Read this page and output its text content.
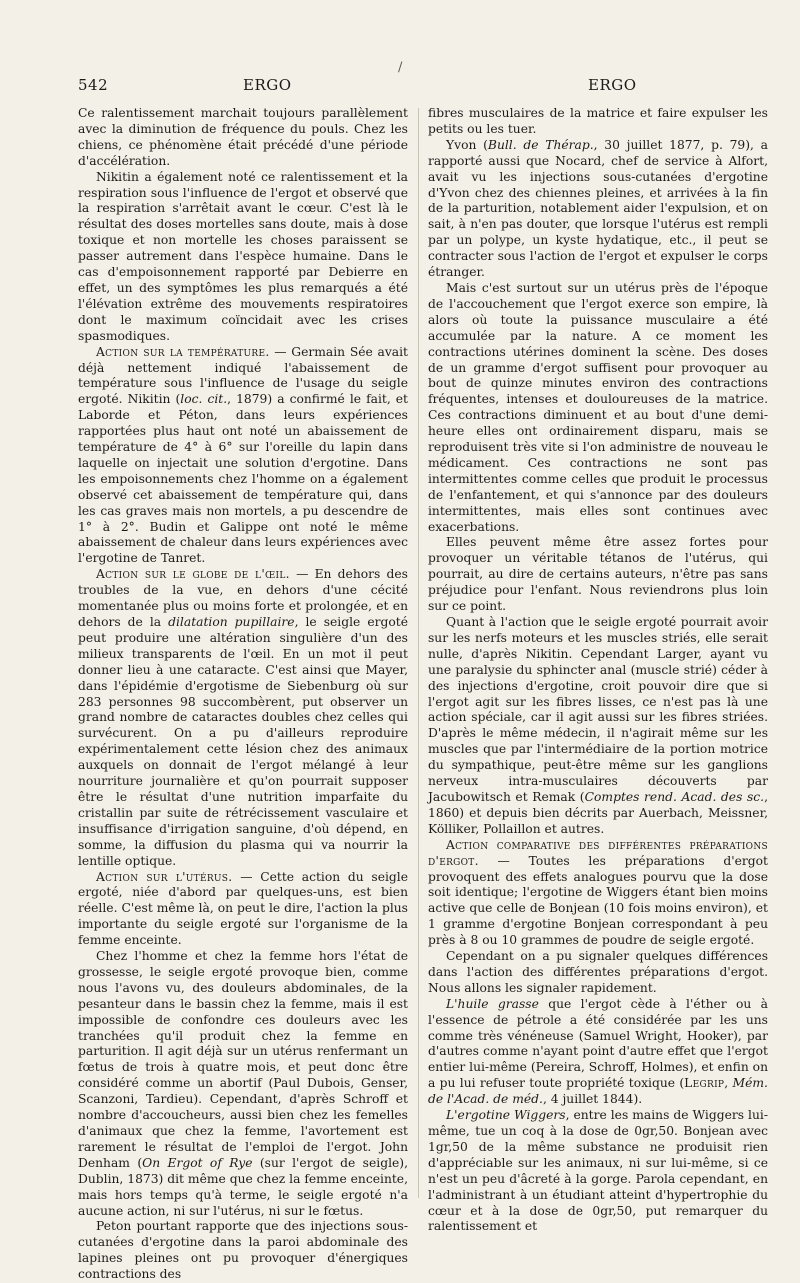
/
542	ERGO	ERGO

Ce ralentissement marchait toujours parallèlement avec la diminution de fréquence du pouls. Chez les chiens, ce phénomène était précédé d'une période d'accélération.

Nikitin a également noté ce ralentissement et la respiration sous l'influence de l'ergot et observé que la respiration s'arrêtait avant le cœur. C'est là le résultat des doses mortelles sans doute, mais à dose toxique et non mortelle les choses paraissent se passer autrement dans l'espèce humaine. Dans le cas d'empoisonnement rapporté par Debierre en effet, un des symptômes les plus remarqués a été l'élévation extrême des mouvements respiratoires dont le maximum coïncidait avec les crises spasmodiques.

Action sur la température. — Germain Sée avait déjà nettement indiqué l'abaissement de température sous l'influence de l'usage du seigle ergoté. Nikitin (loc. cit., 1879) a confirmé le fait, et Laborde et Péton, dans leurs expériences rapportées plus haut ont noté un abaissement de température de 4° à 6° sur l'oreille du lapin dans laquelle on injectait une solution d'ergotine. Dans les empoisonnements chez l'homme on a également observé cet abaissement de température qui, dans les cas graves mais non mortels, a pu descendre de 1° à 2°. Budin et Galippe ont noté le même abaissement de chaleur dans leurs expériences avec l'ergotine de Tanret.

Action sur le globe de l'œil. — En dehors des troubles de la vue, en dehors d'une cécité momentanée plus ou moins forte et prolongée, et en dehors de la dilatation pupillaire, le seigle ergoté peut produire une altération singulière d'un des milieux transparents de l'œil. En un mot il peut donner lieu à une cataracte. C'est ainsi que Mayer, dans l'épidémie d'ergotisme de Siebenburg où sur 283 personnes 98 succombèrent, put observer un grand nombre de cataractes doubles chez celles qui survécurent. On a pu d'ailleurs reproduire expérimentalement cette lésion chez des animaux auxquels on donnait de l'ergot mélangé à leur nourriture journalière et qu'on pourrait supposer être le résultat d'une nutrition imparfaite du cristallin par suite de rétrécissement vasculaire et insuffisance d'irrigation sanguine, d'où dépend, en somme, la diffusion du plasma qui va nourrir la lentille optique.

Action sur l'utérus. — Cette action du seigle ergoté, niée d'abord par quelques-uns, est bien réelle. C'est même là, on peut le dire, l'action la plus importante du seigle ergoté sur l'organisme de la femme enceinte.

Chez l'homme et chez la femme hors l'état de grossesse, le seigle ergoté provoque bien, comme nous l'avons vu, des douleurs abdominales, de la pesanteur dans le bassin chez la femme, mais il est impossible de confondre ces douleurs avec les tranchées qu'il produit chez la femme en parturition. Il agit déjà sur un utérus renfermant un fœtus de trois à quatre mois, et peut donc être considéré comme un abortif (Paul Dubois, Genser, Scanzoni, Tardieu). Cependant, d'après Schroff et nombre d'accoucheurs, aussi bien chez les femelles d'animaux que chez la femme, l'avortement est rarement le résultat de l'emploi de l'ergot. John Denham (On Ergot of Rye (sur l'ergot de seigle), Dublin, 1873) dit même que chez la femme enceinte, mais hors temps qu'à terme, le seigle ergoté n'a aucune action, ni sur l'utérus, ni sur le fœtus.

Peton pourtant rapporte que des injections sous-cutanées d'ergotine dans la paroi abdominale des lapines pleines ont pu provoquer d'énergiques contractions des

fibres musculaires de la matrice et faire expulser les petits ou les tuer.

Yvon (Bull. de Thérap., 30 juillet 1877, p. 79), a rapporté aussi que Nocard, chef de service à Alfort, avait vu les injections sous-cutanées d'ergotine d'Yvon chez des chiennes pleines, et arrivées à la fin de la parturition, notablement aider l'expulsion, et on sait, à n'en pas douter, que lorsque l'utérus est rempli par un polype, un kyste hydatique, etc., il peut se contracter sous l'action de l'ergot et expulser le corps étranger.

Mais c'est surtout sur un utérus près de l'époque de l'accouchement que l'ergot exerce son empire, là alors où toute la puissance musculaire a été accumulée par la nature. A ce moment les contractions utérines dominent la scène. Des doses de un gramme d'ergot suffisent pour provoquer au bout de quinze minutes environ des contractions fréquentes, intenses et douloureuses de la matrice. Ces contractions diminuent et au bout d'une demi-heure elles ont ordinairement disparu, mais se reproduisent très vite si l'on administre de nouveau le médicament. Ces contractions ne sont pas intermittentes comme celles que produit le processus de l'enfantement, et qui s'annonce par des douleurs intermittentes, mais elles sont continues avec exacerbations.

Elles peuvent même être assez fortes pour provoquer un véritable tétanos de l'utérus, qui pourrait, au dire de certains auteurs, n'être pas sans préjudice pour l'enfant. Nous reviendrons plus loin sur ce point.

Quant à l'action que le seigle ergoté pourrait avoir sur les nerfs moteurs et les muscles striés, elle serait nulle, d'après Nikitin. Cependant Larger, ayant vu une paralysie du sphincter anal (muscle strié) céder à des injections d'ergotine, croit pouvoir dire que si l'ergot agit sur les fibres lisses, ce n'est pas là une action spéciale, car il agit aussi sur les fibres striées. D'après le même médecin, il n'agirait même sur les muscles que par l'intermédiaire de la portion motrice du sympathique, peut-être même sur les ganglions nerveux intra-musculaires découverts par Jacubowitsch et Remak (Comptes rend. Acad. des sc., 1860) et depuis bien décrits par Auerbach, Meissner, Kölliker, Pollaillon et autres.

Action comparative des différentes préparations d'ergot. — Toutes les préparations d'ergot provoquent des effets analogues pourvu que la dose soit identique; l'ergotine de Wiggers étant bien moins active que celle de Bonjean (10 fois moins environ), et 1 gramme d'ergotine Bonjean correspondant à peu près à 8 ou 10 grammes de poudre de seigle ergoté.

Cependant on a pu signaler quelques différences dans l'action des différentes préparations d'ergot. Nous allons les signaler rapidement.

L'huile grasse que l'ergot cède à l'éther ou à l'essence de pétrole a été considérée par les uns comme très vénéneuse (Samuel Wright, Hooker), par d'autres comme n'ayant point d'autre effet que l'ergot entier lui-même (Pereira, Schroff, Holmes), et enfin on a pu lui refuser toute propriété toxique (Legrip, Mém. de l'Acad. de méd., 4 juillet 1844).

L'ergotine Wiggers, entre les mains de Wiggers lui-même, tue un coq à la dose de 0gr,50. Bonjean avec 1gr,50 de la même substance ne produisit rien d'appréciable sur les animaux, ni sur lui-même, si ce n'est un peu d'âcreté à la gorge. Parola cependant, en l'administrant à un étudiant atteint d'hypertrophie du cœur et à la dose de 0gr,50, put remarquer du ralentissement et
